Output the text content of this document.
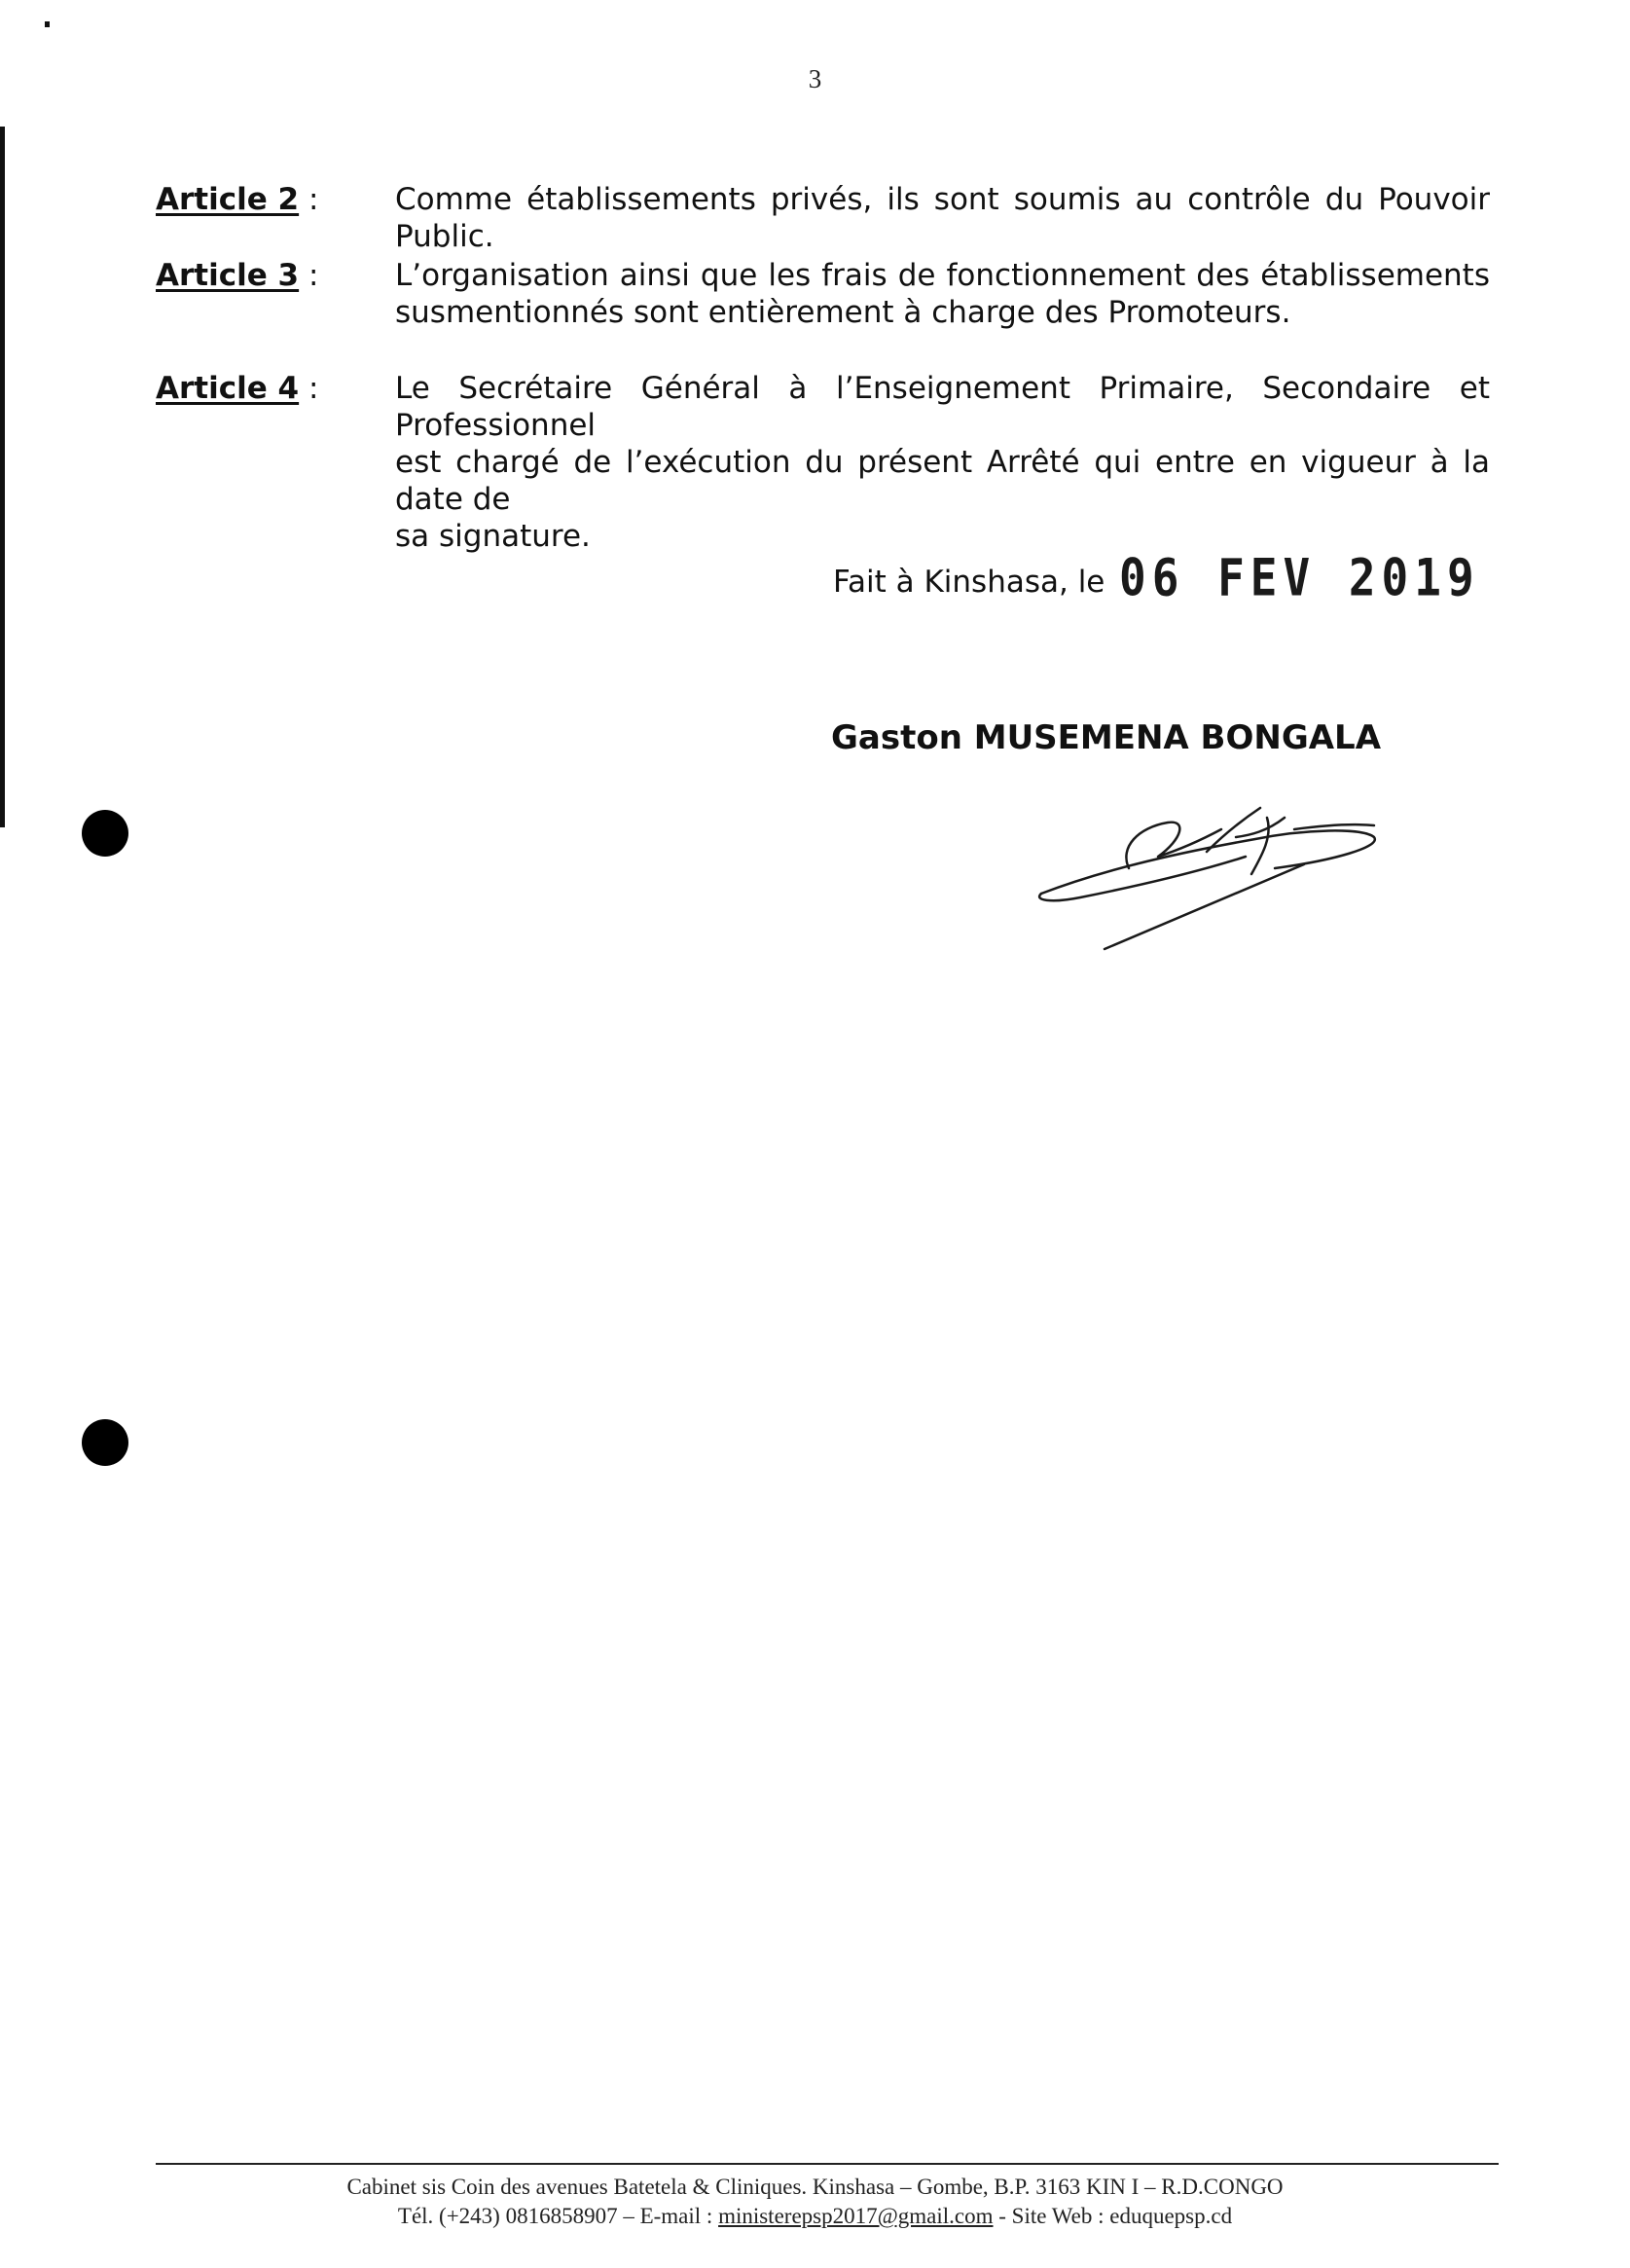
3
Article 2 :	Comme établissements privés, ils sont soumis au contrôle du Pouvoir Public.
Article 3 :	L’organisation ainsi que les frais de fonctionnement des établissements
susmentionnés sont entièrement à charge des Promoteurs.
Article 4 :	Le Secrétaire Général à l’Enseignement Primaire, Secondaire et Professionnel
est chargé de l’exécution du présent Arrêté qui entre en vigueur à la date de
sa signature.
Fait à Kinshasa, le 06 FEV 2019
Gaston MUSEMENA BONGALA
Cabinet sis Coin des avenues Batetela & Cliniques. Kinshasa – Gombe, B.P. 3163 KIN I – R.D.CONGO
Tél. (+243) 0816858907 – E-mail : ministerepsp2017@gmail.com - Site Web : eduquepsp.cd
